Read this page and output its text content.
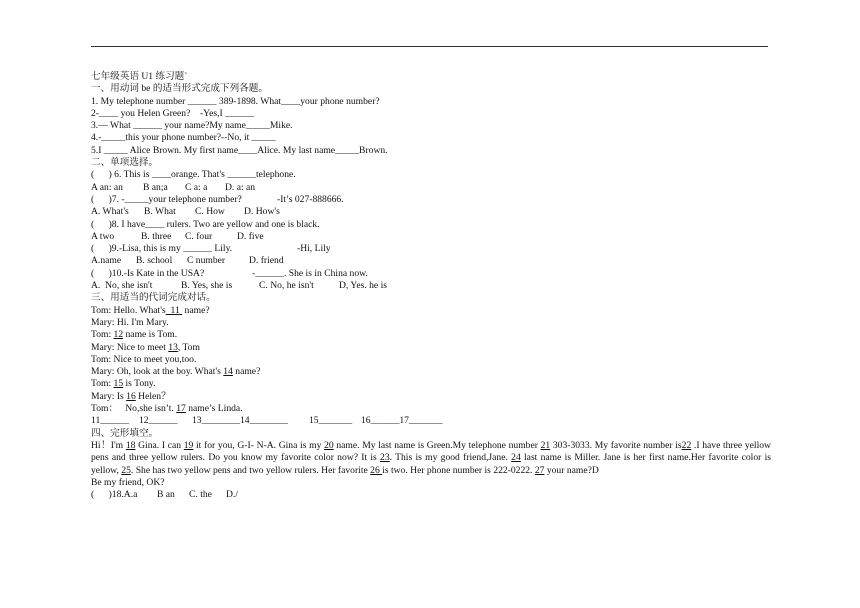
七年级英语 U1 练习题`
一、用动词 be 的适当形式完成下列各题。
1. My telephone number ______ 389-1898. What____your phone number?
2-____ you Helen Green?    -Yes,I ______
3.— What ______ your name?My name_____Mike.
4.-_____this your phone number?--No, it _____
5.I _____ Alice Brown. My first name____Alice. My last name_____Brown.
二、单项选择。
(      ) 6. This is ____orange. That's ______telephone.
A an: an B an;a C a: a D. a: an
(      )7. -_____your telephone number?	-It’s 027-888666.
A. What's B. What C. How D. How's
(      )8. I have____ rulers. Two are yellow and one is black.
A two	B. three C. four	D. five
(      )9.-Lisa, this is my ______ Lily.	-Hi, Lily
A.name B. school C number D. friend
(      )10.-Is Kate in the USA?	-______. She is in China now.
A.  No, she isn't	B. Yes, she is	C. No, he isn't	D, Yes. he is
三、用适当的代词完成对话。
Tom: Hello. What's 11  name?
Mary: Hi. I'm Mary.
Tom: 12 name is Tom.
Mary: Nice to meet 13, Tom
Tom: Nice to meet you,too.
Mary: Oh, look at the boy. What's 14 name?
Tom: 15 is Tony.
Mary: Is 16 Helen？
Tom：   No,she isn’t. 17 name’s Linda.
11______ 12______ 13________14________ 15_______ 16______17_______
四、完形填空。
Hi！I'm 18 Gina. I can 19 it for you, G-I- N-A. Gina is my 20 name. My last name is Green.My telephone number 21 303-3033. My favorite number is22 .I have three yellow pens and three yellow rulers. Do you know my favorite color now? It is 23. This is my good friend,Jane. 24 last name is Miller. Jane is her first name.Her favorite color is yellow, 25. She has two yellow pens and two yellow rulers. Her favorite 26 is two. Her phone number is 222-0222. 27 your name?D
Be my friend, OK?
(      )18.A.a B an C. the D./
